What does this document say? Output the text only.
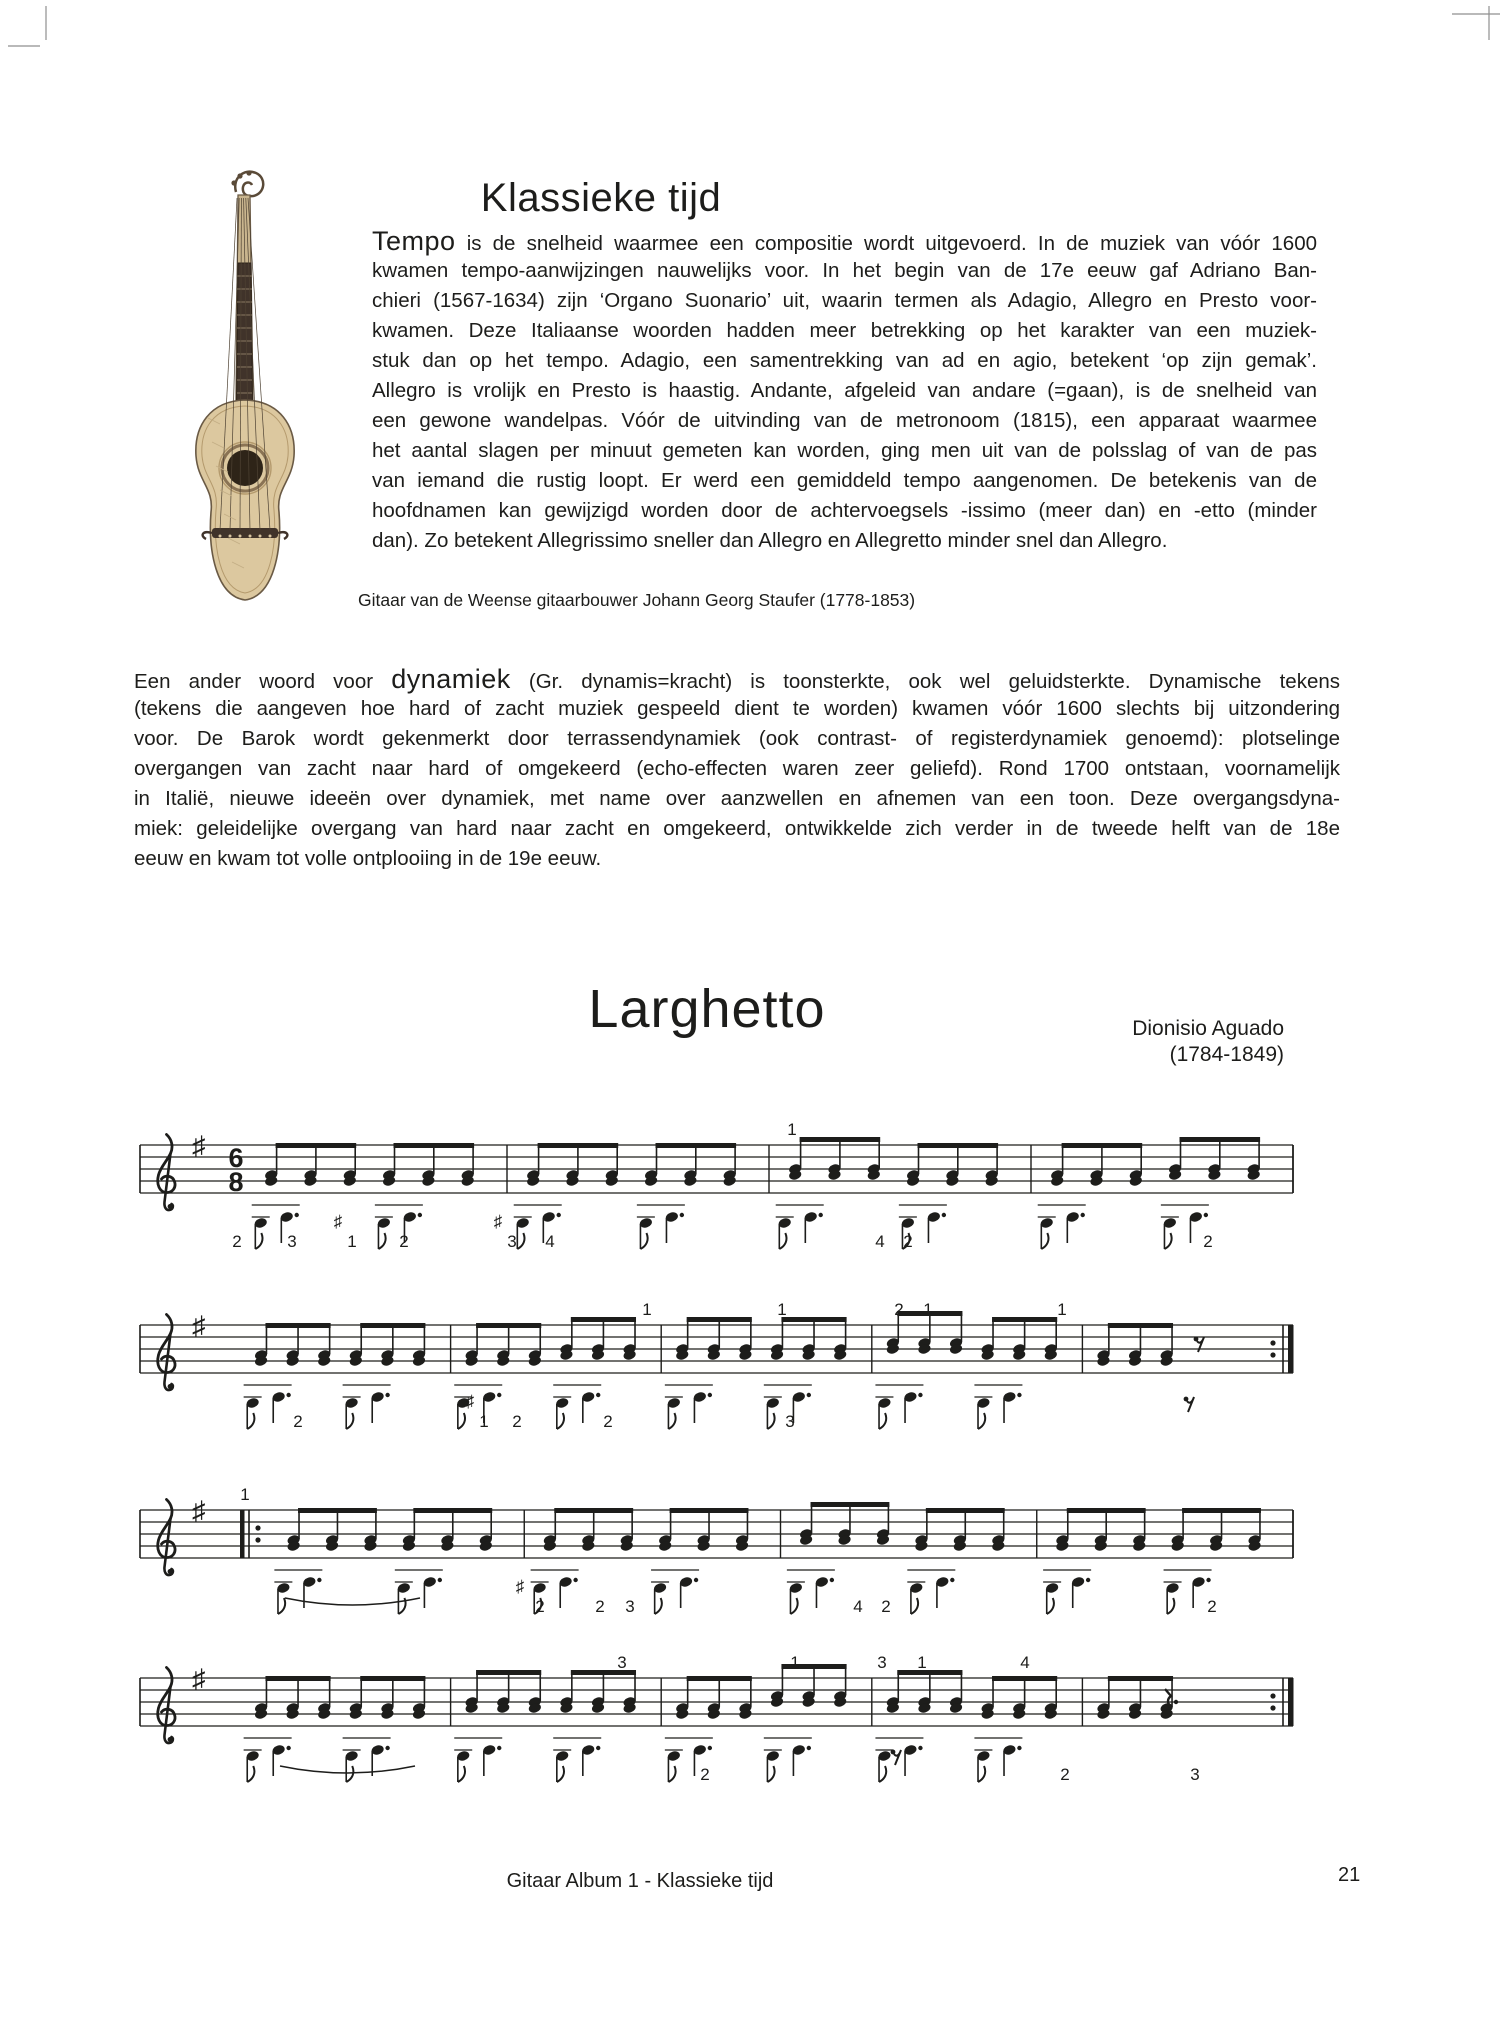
♯ 6
8
♯	♯
1
2	3	1	2	3 4	4 2	2
♯
♯
1	1	2 1	1
2	1 2	2	3
♯
♯
1
2	2 3	4 2	2
♯
3	1	3 1	4
2	2	3
Klassieke tijd
Tempo is de snelheid waarmee een compositie wordt uitgevoerd. In de muziek van vóór 1600
kwamen tempo-aanwijzingen nauwelijks voor. In het begin van de 17e eeuw gaf Adriano Ban-
chieri (1567-1634) zijn ‘Organo Suonario’ uit, waarin termen als Adagio, Allegro en Presto voor-
kwamen. Deze Italiaanse woorden hadden meer betrekking op het karakter van een muziek-
stuk dan op het tempo. Adagio, een samentrekking van ad en agio, betekent ‘op zijn gemak’.
Allegro is vrolijk en Presto is haastig. Andante, afgeleid van andare (=gaan), is de snelheid van
een gewone wandelpas. Vóór de uitvinding van de metronoom (1815), een apparaat waarmee
het aantal slagen per minuut gemeten kan worden, ging men uit van de polsslag of van de pas
van iemand die rustig loopt. Er werd een gemiddeld tempo aangenomen. De betekenis van de
hoofdnamen kan gewijzigd worden door de achtervoegsels -issimo (meer dan) en -etto (minder
dan). Zo betekent Allegrissimo sneller dan Allegro en Allegretto minder snel dan Allegro.
Gitaar van de Weense gitaarbouwer Johann Georg Staufer (1778-1853)
Een ander woord voor dynamiek (Gr. dynamis=kracht) is toonsterkte, ook wel geluidsterkte. Dynamische tekens
(tekens die aangeven hoe hard of zacht muziek gespeeld dient te worden) kwamen vóór 1600 slechts bij uitzondering
voor. De Barok wordt gekenmerkt door terrassendynamiek (ook contrast- of registerdynamiek genoemd): plotselinge
overgangen van zacht naar hard of omgekeerd (echo-effecten waren zeer geliefd). Rond 1700 ontstaan, voornamelijk
in Italië, nieuwe ideeën over dynamiek, met name over aanzwellen en afnemen van een toon. Deze overgangsdyna-
miek: geleidelijke overgang van hard naar zacht en omgekeerd, ontwikkelde zich verder in de tweede helft van de 18e
eeuw en kwam tot volle ontplooiing in de 19e eeuw.
Larghetto	Dionisio Aguado
(1784-1849)
Gitaar Album 1 - Klassieke tijd	21
